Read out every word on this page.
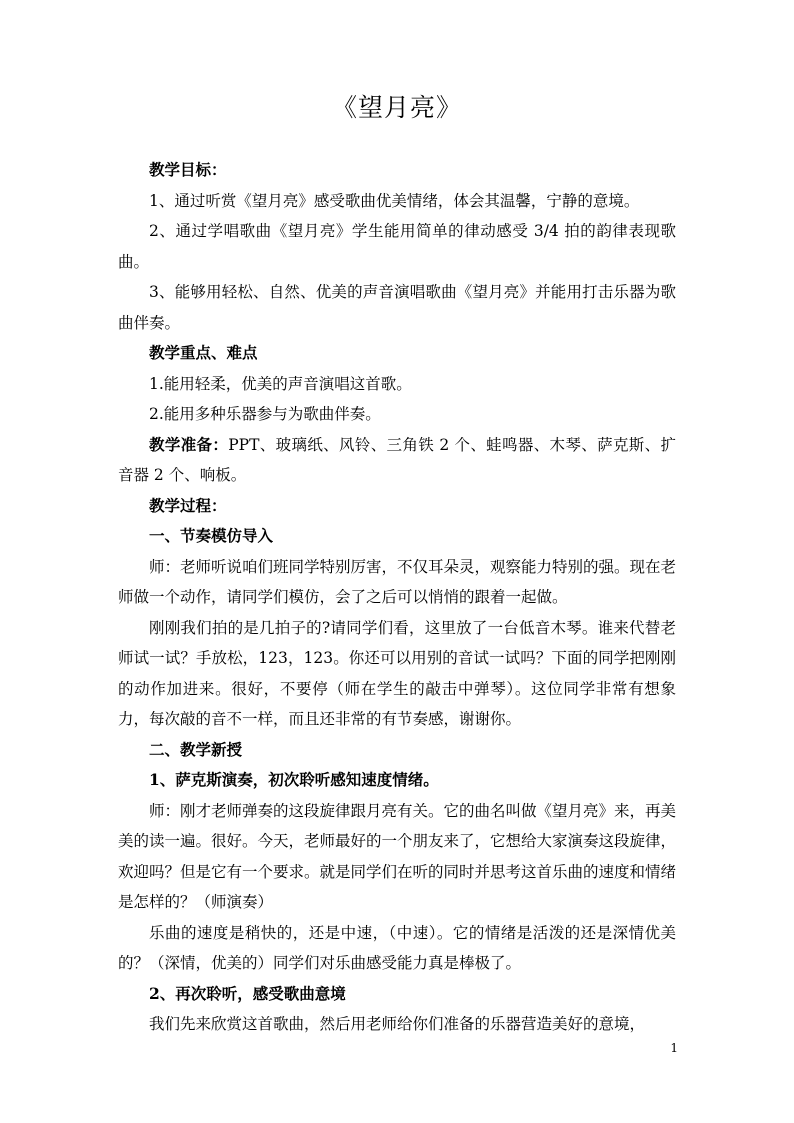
《望月亮》

教学目标：

1、通过听赏《望月亮》感受歌曲优美情绪，体会其温馨，宁静的意境。

2、通过学唱歌曲《望月亮》学生能用简单的律动感受 3/4 拍的韵律表现歌曲。

3、能够用轻松、自然、优美的声音演唱歌曲《望月亮》并能用打击乐器为歌曲伴奏。

教学重点、难点

1.能用轻柔，优美的声音演唱这首歌。

2.能用多种乐器参与为歌曲伴奏。

教学准备：PPT、玻璃纸、风铃、三角铁 2 个、蛙鸣器、木琴、萨克斯、扩音器 2 个、响板。

教学过程：

一、节奏模仿导入

师：老师听说咱们班同学特别厉害，不仅耳朵灵，观察能力特别的强。现在老师做一个动作，请同学们模仿，会了之后可以悄悄的跟着一起做。

刚刚我们拍的是几拍子的?请同学们看，这里放了一台低音木琴。谁来代替老师试一试？手放松，123，123。你还可以用别的音试一试吗？下面的同学把刚刚的动作加进来。很好，不要停（师在学生的敲击中弹琴）。这位同学非常有想象力，每次敲的音不一样，而且还非常的有节奏感，谢谢你。

二、教学新授

1、萨克斯演奏，初次聆听感知速度情绪。

师：刚才老师弹奏的这段旋律跟月亮有关。它的曲名叫做《望月亮》来，再美美的读一遍。很好。今天，老师最好的一个朋友来了，它想给大家演奏这段旋律，欢迎吗？但是它有一个要求。就是同学们在听的同时并思考这首乐曲的速度和情绪是怎样的？（师演奏）

乐曲的速度是稍快的，还是中速，（中速）。它的情绪是活泼的还是深情优美的？（深情，优美的）同学们对乐曲感受能力真是棒极了。

2、再次聆听，感受歌曲意境

我们先来欣赏这首歌曲，然后用老师给你们准备的乐器营造美好的意境，

1
